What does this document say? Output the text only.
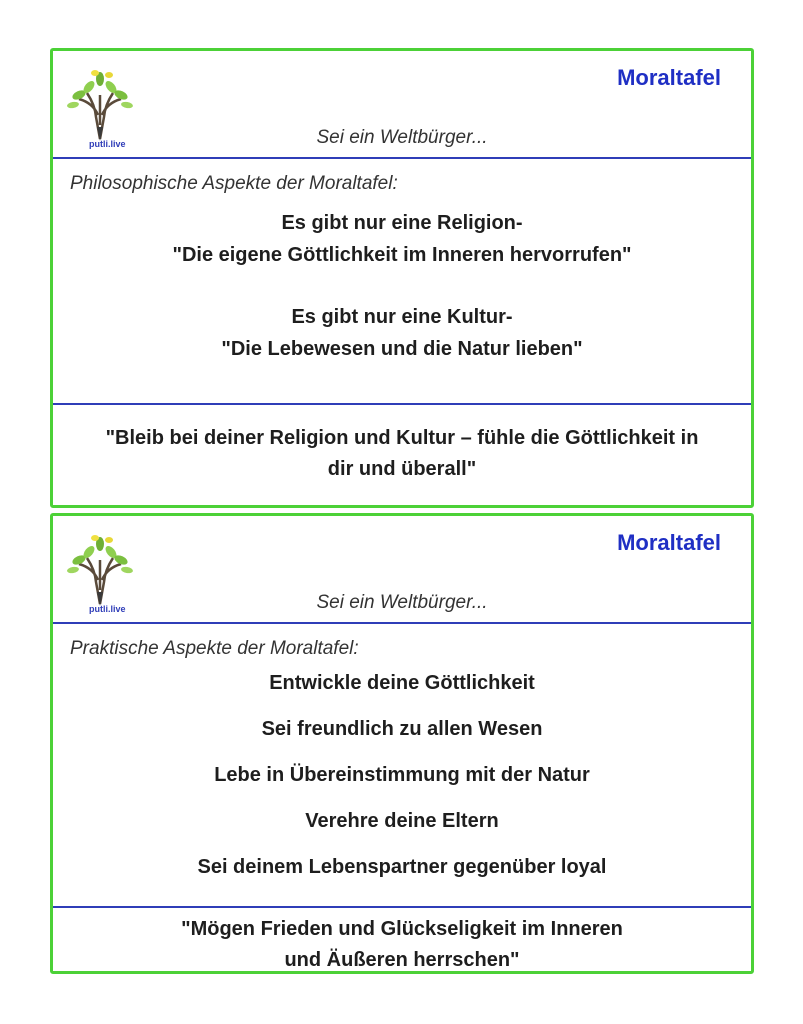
putli.live
Moraltafel
Sei ein Weltbürger...
Philosophische Aspekte der Moraltafel:
Es gibt nur eine Religion-
"Die eigene Göttlichkeit im Inneren hervorrufen"
Es gibt nur eine Kultur-
"Die Lebewesen und die Natur lieben"
"Bleib bei deiner Religion und Kultur – fühle die Göttlichkeit in
dir und überall"
putli.live
Moraltafel
Sei ein Weltbürger...
Praktische Aspekte der Moraltafel:
Entwickle deine Göttlichkeit
Sei freundlich zu allen Wesen
Lebe in Übereinstimmung mit der Natur
Verehre deine Eltern
Sei deinem Lebenspartner gegenüber loyal
"Mögen Frieden und Glückseligkeit im Inneren
und Äußeren herrschen"
